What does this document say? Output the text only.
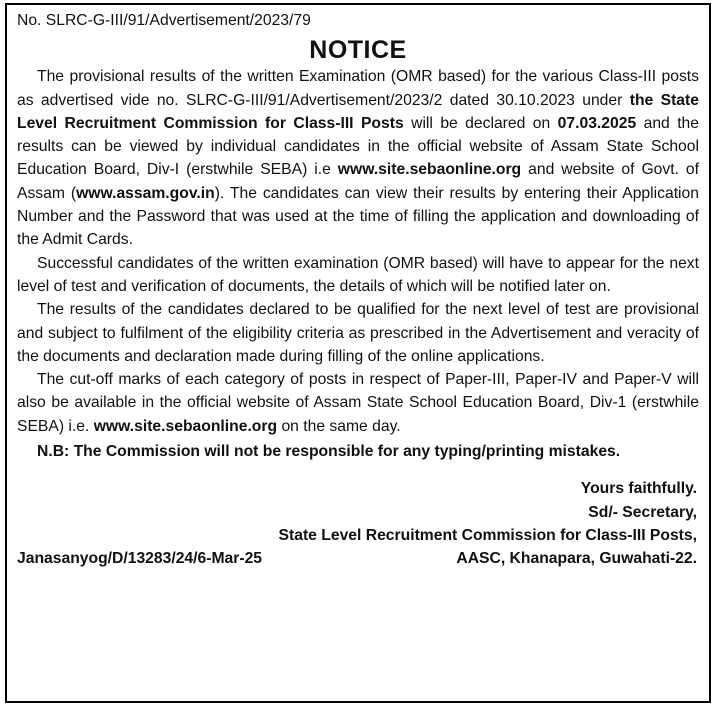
No. SLRC-G-III/91/Advertisement/2023/79

NOTICE

The provisional results of the written Examination (OMR based) for the various Class-III posts as advertised vide no. SLRC-G-III/91/Advertisement/2023/2 dated 30.10.2023 under the State Level Recruitment Commission for Class-III Posts will be declared on 07.03.2025 and the results can be viewed by individual candidates in the official website of Assam State School Education Board, Div-I (erstwhile SEBA) i.e www.site.sebaonline.org and website of Govt. of Assam (www.assam.gov.in). The candidates can view their results by entering their Application Number and the Password that was used at the time of filling the application and downloading of the Admit Cards.

Successful candidates of the written examination (OMR based) will have to appear for the next level of test and verification of documents, the details of which will be notified later on.

The results of the candidates declared to be qualified for the next level of test are provisional and subject to fulfilment of the eligibility criteria as prescribed in the Advertisement and veracity of the documents and declaration made during filling of the online applications.

The cut-off marks of each category of posts in respect of Paper-III, Paper-IV and Paper-V will also be available in the official website of Assam State School Education Board, Div-1 (erstwhile SEBA) i.e. www.site.sebaonline.org on the same day.

N.B: The Commission will not be responsible for any typing/printing mistakes.

Yours faithfully.
Sd/- Secretary,
State Level Recruitment Commission for Class-III Posts,
Janasanyog/D/13283/24/6-Mar-25	AASC, Khanapara, Guwahati-22.
